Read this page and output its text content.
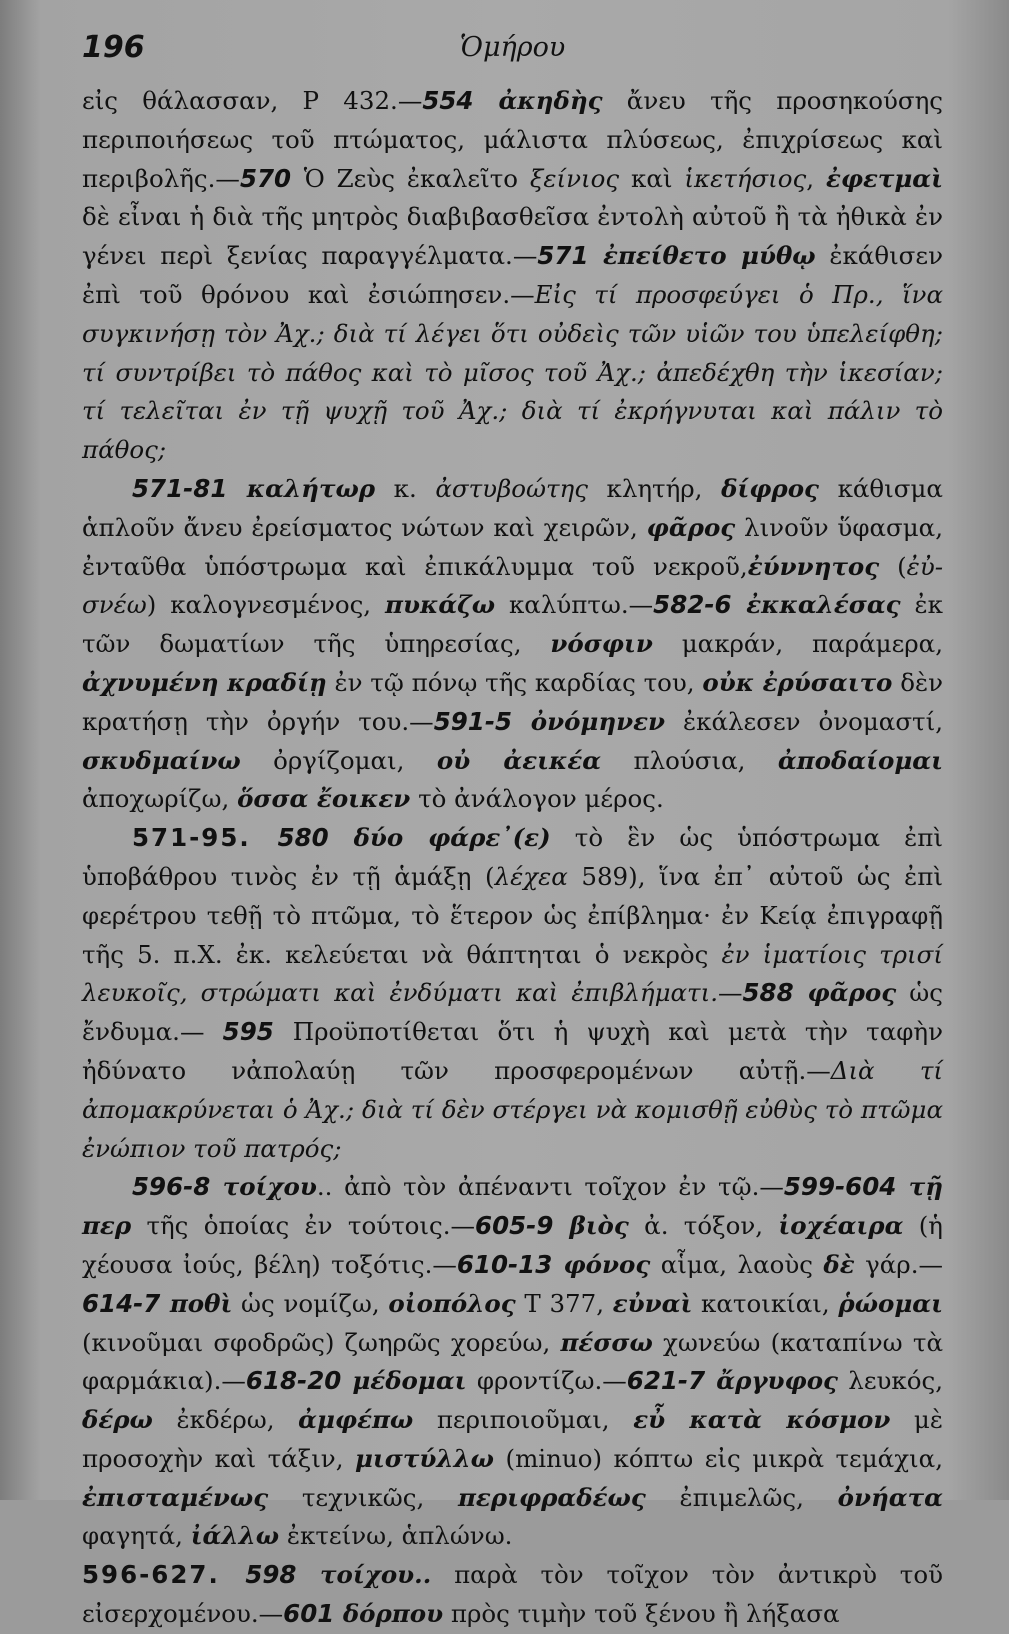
196	Ὁμήρου

εἰς θάλασσαν, Ρ 432.—554 ἀκηδὴς ἄνευ τῆς προσηκούσης περιποιήσεως τοῦ πτώματος, μάλιστα πλύσεως, ἐπιχρίσεως καὶ περιβολῆς.—570 Ὁ Ζεὺς ἐκαλεῖτο ξείνιος καὶ ἱκετήσιος, ἐφετμαὶ δὲ εἶναι ἡ διὰ τῆς μητρὸς διαβιβασθεῖσα ἐντολὴ αὐτοῦ ἢ τὰ ἠθικὰ ἐν γένει περὶ ξενίας παραγγέλματα.—571 ἐπείθετο μύθῳ ἐκάθισεν ἐπὶ τοῦ θρόνου καὶ ἐσιώπησεν.—Εἰς τί προσφεύγει ὁ Πρ., ἵνα συγκινήσῃ τὸν Ἀχ.; διὰ τί λέγει ὅτι οὐδεὶς τῶν υἱῶν του ὑπελείφθη; τί συντρίβει τὸ πάθος καὶ τὸ μῖσος τοῦ Ἀχ.; ἀπεδέχθη τὴν ἱκεσίαν; τί τελεῖται ἐν τῇ ψυχῇ τοῦ Ἀχ.; διὰ τί ἐκρήγνυται καὶ πάλιν τὸ πάθος;

571-81 καλήτωρ κ. ἀστυβοώτης κλητήρ, δίφρος κάθισμα ἁπλοῦν ἄνευ ἐρείσματος νώτων καὶ χειρῶν, φᾶρος λινοῦν ὕφασμα, ἐνταῦθα ὑπόστρωμα καὶ ἐπικάλυμμα τοῦ νεκροῦ,ἐύννητος (ἐὐ-σνέω) καλογνεσμένος, πυκάζω καλύπτω.—582-6 ἐκκαλέσας ἐκ τῶν δωματίων τῆς ὑπηρεσίας, νόσφιν μακράν, παράμερα, ἀχνυμένη κραδίῃ ἐν τῷ πόνῳ τῆς καρδίας του, οὐκ ἐρύσαιτο δὲν κρατήσῃ τὴν ὀργήν του.—591-5 ὀνόμηνεν ἐκάλεσεν ὀνομαστί, σκυδμαίνω ὀργίζομαι, οὐ ἀεικέα πλούσια, ἀποδαίομαι ἀποχωρίζω, ὅσσα ἔοικεν τὸ ἀνάλογον μέρος.

571-95. 580 δύο φάρε᾽(ε) τὸ ἓν ὡς ὑπόστρωμα ἐπὶ ὑποβάθρου τινὸς ἐν τῇ ἁμάξῃ (λέχεα 589), ἵνα ἐπ᾽ αὐτοῦ ὡς ἐπὶ φερέτρου τεθῇ τὸ πτῶμα, τὸ ἕτερον ὡς ἐπίβλημα· ἐν Κείᾳ ἐπιγραφῇ τῆς 5. π.Χ. ἐκ. κελεύεται νὰ θάπτηται ὁ νεκρὸς ἐν ἱματίοις τρισί λευκοῖς, στρώματι καὶ ἐνδύματι καὶ ἐπιβλήματι.—588 φᾶρος ὡς ἔνδυμα.— 595 Προϋποτίθεται ὅτι ἡ ψυχὴ καὶ μετὰ τὴν ταφὴν ἠδύνατο νἀπολαύῃ τῶν προσφερομένων αὐτῇ.—Διὰ τί ἀπομακρύνεται ὁ Ἀχ.; διὰ τί δὲν στέργει νὰ κομισθῇ εὐθὺς τὸ πτῶμα ἐνώπιον τοῦ πατρός;

596-8 τοίχου.. ἀπὸ τὸν ἀπέναντι τοῖχον ἐν τῷ.—599-604 τῇ περ τῆς ὁποίας ἐν τούτοις.—605-9 βιὸς ἀ. τόξον, ἰοχέαιρα (ἡ χέουσα ἰούς, βέλη) τοξότις.—610-13 φόνος αἷμα, λαοὺς δὲ γάρ.—614-7 ποθὶ ὡς νομίζω, οἰοπόλος Τ 377, εὐναὶ κατοικίαι, ῥώομαι (κινοῦμαι σφοδρῶς) ζωηρῶς χορεύω, πέσσω χωνεύω (καταπίνω τὰ φαρμάκια).—618-20 μέδομαι φροντίζω.—621-7 ἄργυφος λευκός, δέρω ἐκδέρω, ἀμφέπω περιποιοῦμαι, εὖ κατὰ κόσμον μὲ προσοχὴν καὶ τάξιν, μιστύλλω (minuo) κόπτω εἰς μικρὰ τεμάχια, ἐπισταμένως τεχνικῶς, περιφραδέως ἐπιμελῶς, ὀνήατα φαγητά, ἰάλλω ἐκτείνω, ἁπλώνω.

596-627. 598 τοίχου.. παρὰ τὸν τοῖχον τὸν ἀντικρὺ τοῦ εἰσερχομένου.—601 δόρπου πρὸς τιμὴν τοῦ ξένου ἢ λήξασα
